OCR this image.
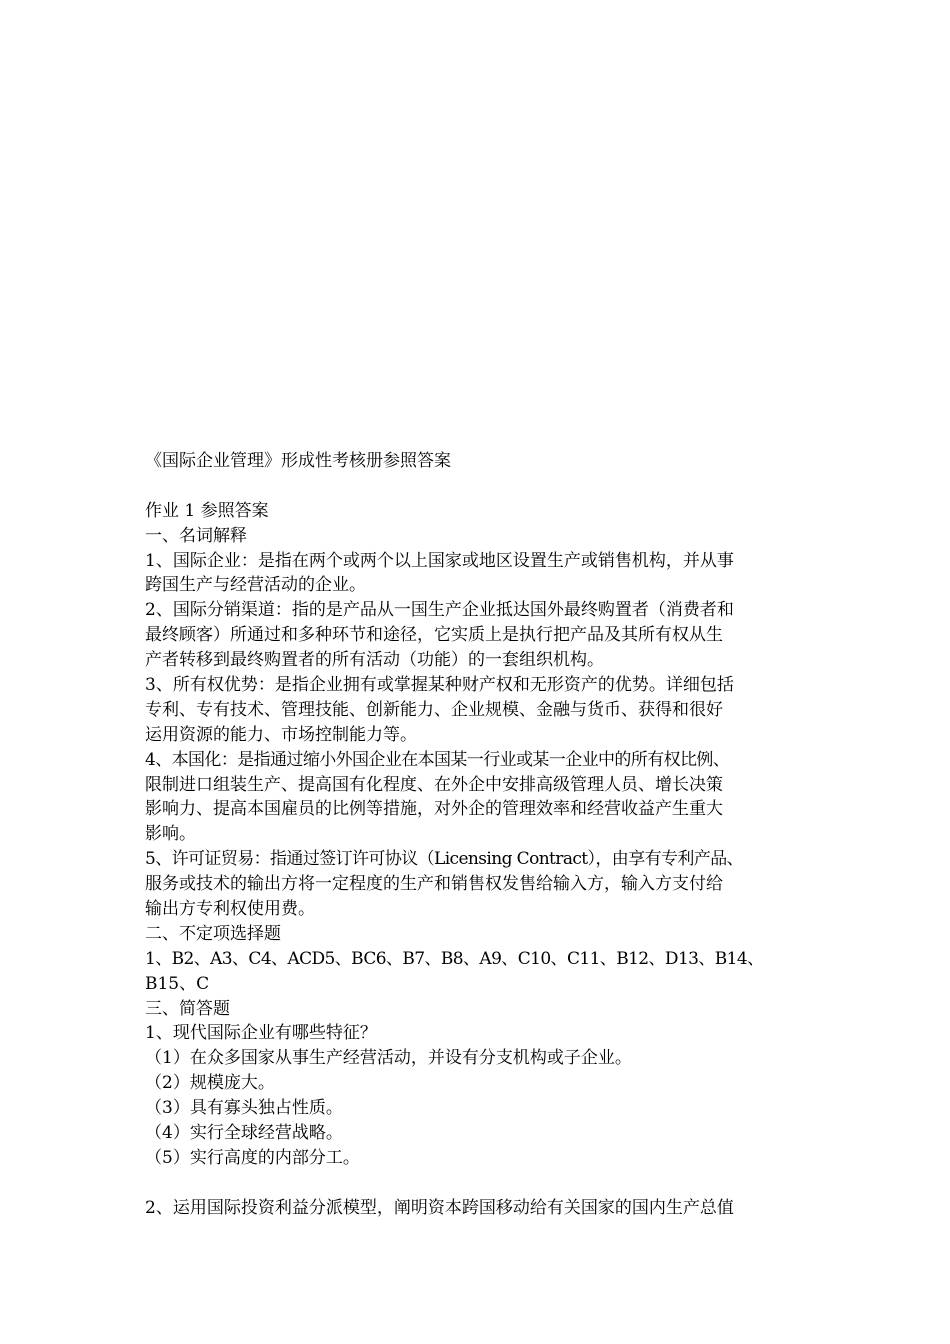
《国际企业管理》形成性考核册参照答案
作业 1 参照答案
一、名词解释
1、国际企业：是指在两个或两个以上国家或地区设置生产或销售机构，并从事
跨国生产与经营活动的企业。
2、国际分销渠道：指的是产品从一国生产企业抵达国外最终购置者（消费者和
最终顾客）所通过和多种环节和途径，它实质上是执行把产品及其所有权从生
产者转移到最终购置者的所有活动（功能）的一套组织机构。
3、所有权优势：是指企业拥有或掌握某种财产权和无形资产的优势。详细包括
专利、专有技术、管理技能、创新能力、企业规模、金融与货币、获得和很好
运用资源的能力、市场控制能力等。
4、本国化：是指通过缩小外国企业在本国某一行业或某一企业中的所有权比例、
限制进口组装生产、提高国有化程度、在外企中安排高级管理人员、增长决策
影响力、提高本国雇员的比例等措施，对外企的管理效率和经营收益产生重大
影响。
5、许可证贸易：指通过签订许可协议（Licensing Contract），由享有专利产品、
服务或技术的输出方将一定程度的生产和销售权发售给输入方，输入方支付给
输出方专利权使用费。
二、不定项选择题
1、B2、A3、C4、ACD5、BC6、B7、B8、A9、C10、C11、B12、D13、B14、
B15、C
三、简答题
1、现代国际企业有哪些特征？
（1）在众多国家从事生产经营活动，并设有分支机构或子企业。
（2）规模庞大。
（3）具有寡头独占性质。
（4）实行全球经营战略。
（5）实行高度的内部分工。
2、运用国际投资利益分派模型，阐明资本跨国移动给有关国家的国内生产总值
